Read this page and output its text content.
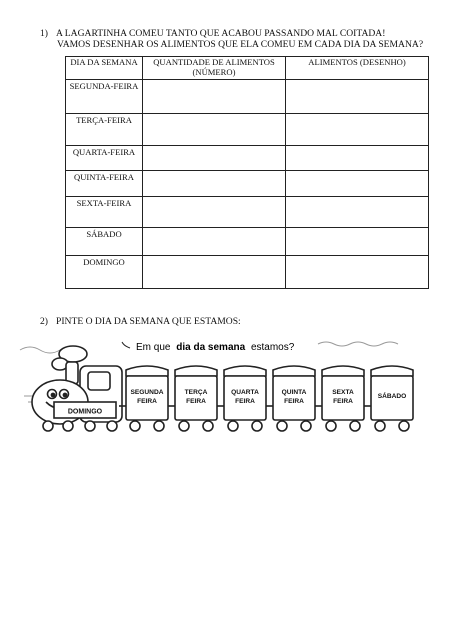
1) A LAGARTINHA COMEU TANTO QUE ACABOU PASSANDO MAL COITADA!
VAMOS DESENHAR OS ALIMENTOS QUE ELA COMEU EM CADA DIA DA SEMANA?
DIA DA SEMANA	QUANTIDADE DE ALIMENTOS (NÚMERO)	ALIMENTOS (DESENHO)
SEGUNDA-FEIRA		
TERÇA-FEIRA		
QUARTA-FEIRA		
QUINTA-FEIRA		
SEXTA-FEIRA		
SÁBADO		
DOMINGO		
2) PINTE O DIA DA SEMANA QUE ESTAMOS:
Em que dia da semana estamos?
DOMINGO
SEGUNDA
FEIRA
TERÇA
FEIRA
QUARTA
FEIRA
QUINTA
FEIRA
SEXTA
FEIRA
SÁBADO
